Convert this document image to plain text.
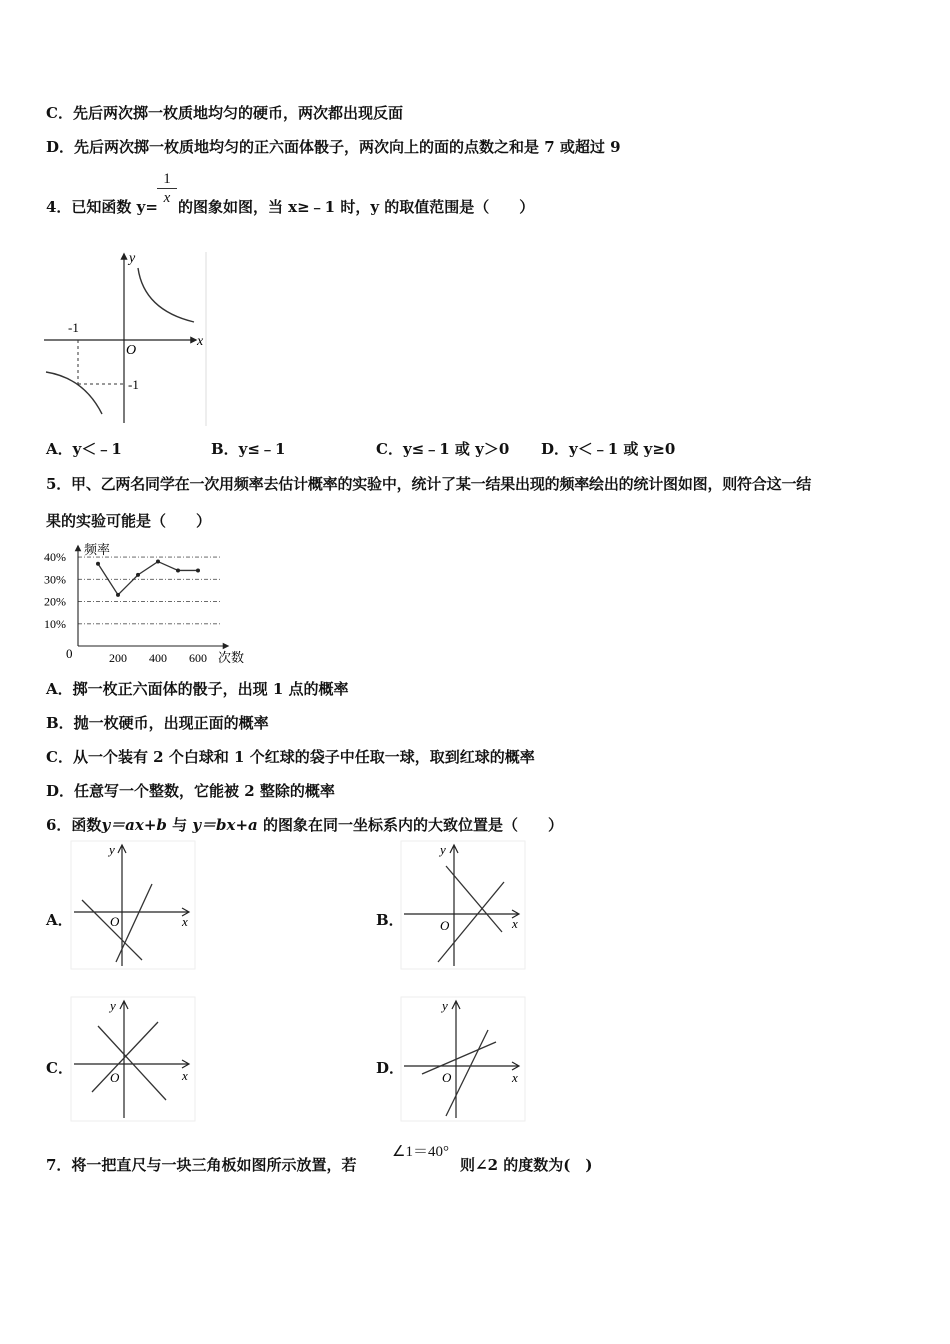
C．先后两次掷一枚质地均匀的硬币，两次都出现反面
D．先后两次掷一枚质地均匀的正六面体骰子，两次向上的面的点数之和是 7 或超过 9
4．已知函数 y= 的图象如图，当 x≥﹣1 时，y 的取值范围是（　　）
$\frac{1}{x}$
y
x
O
-1
-1
A．y＜﹣1	B．y≤﹣1	C．y≤﹣1 或 y＞0 D．y＜﹣1 或 y≥0
5．甲、乙两名同学在一次用频率去估计概率的实验中，统计了某一结果出现的频率绘出的统计图如图，则符合这一结
果的实验可能是（　　）
频率
次数
0
10%
20%
30%
40%
200 400 600
A．掷一枚正六面体的骰子，出现 1 点的概率
B．抛一枚硬币，出现正面的概率
C．从一个装有 2 个白球和 1 个红球的袋子中任取一球，取到红球的概率
D．任意写一个整数，它能被 2 整除的概率
6．函数y＝ax+b 与 y＝bx+a 的图象在同一坐标系内的大致位置是（　　）
A．
y
x
O	B．
y
x
O
C．
y
x
O
D．
y
x
O
7．将一把直尺与一块三角板如图所示放置，若
∠1＝40°
则∠2 的度数为(　)
